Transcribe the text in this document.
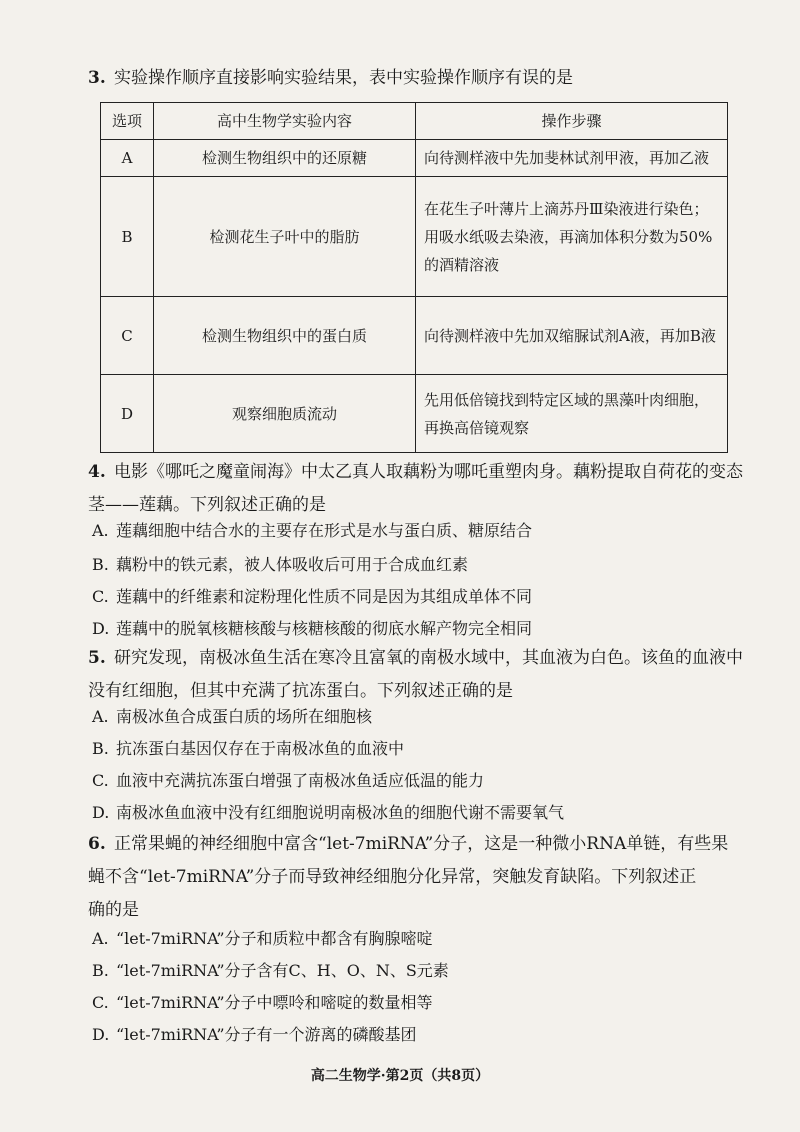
3. 实验操作顺序直接影响实验结果，表中实验操作顺序有误的是
选项	高中生物学实验内容	操作步骤
A	检测生物组织中的还原糖	向待测样液中先加斐林试剂甲液，再加乙液
B	检测花生子叶中的脂肪	在花生子叶薄片上滴苏丹Ⅲ染液进行染色；用吸水纸吸去染液，再滴加体积分数为50%的酒精溶液
C	检测生物组织中的蛋白质	向待测样液中先加双缩脲试剂A液，再加B液
D	观察细胞质流动	先用低倍镜找到特定区域的黑藻叶肉细胞，再换高倍镜观察
4. 电影《哪吒之魔童闹海》中太乙真人取藕粉为哪吒重塑肉身。藕粉提取自荷花的变态
茎——莲藕。下列叙述正确的是
A. 莲藕细胞中结合水的主要存在形式是水与蛋白质、糖原结合
B. 藕粉中的铁元素，被人体吸收后可用于合成血红素
C. 莲藕中的纤维素和淀粉理化性质不同是因为其组成单体不同
D. 莲藕中的脱氧核糖核酸与核糖核酸的彻底水解产物完全相同
5. 研究发现，南极冰鱼生活在寒冷且富氧的南极水域中，其血液为白色。该鱼的血液中
没有红细胞，但其中充满了抗冻蛋白。下列叙述正确的是
A. 南极冰鱼合成蛋白质的场所在细胞核
B. 抗冻蛋白基因仅存在于南极冰鱼的血液中
C. 血液中充满抗冻蛋白增强了南极冰鱼适应低温的能力
D. 南极冰鱼血液中没有红细胞说明南极冰鱼的细胞代谢不需要氧气
6. 正常果蝇的神经细胞中富含“let-7miRNA”分子，这是一种微小RNA单链，有些果
蝇不含“let-7miRNA”分子而导致神经细胞分化异常，突触发育缺陷。下列叙述正
确的是
A. “let-7miRNA”分子和质粒中都含有胸腺嘧啶
B. “let-7miRNA”分子含有C、H、O、N、S元素
C. “let-7miRNA”分子中嘌呤和嘧啶的数量相等
D. “let-7miRNA”分子有一个游离的磷酸基团
高二生物学·第2页（共8页）
